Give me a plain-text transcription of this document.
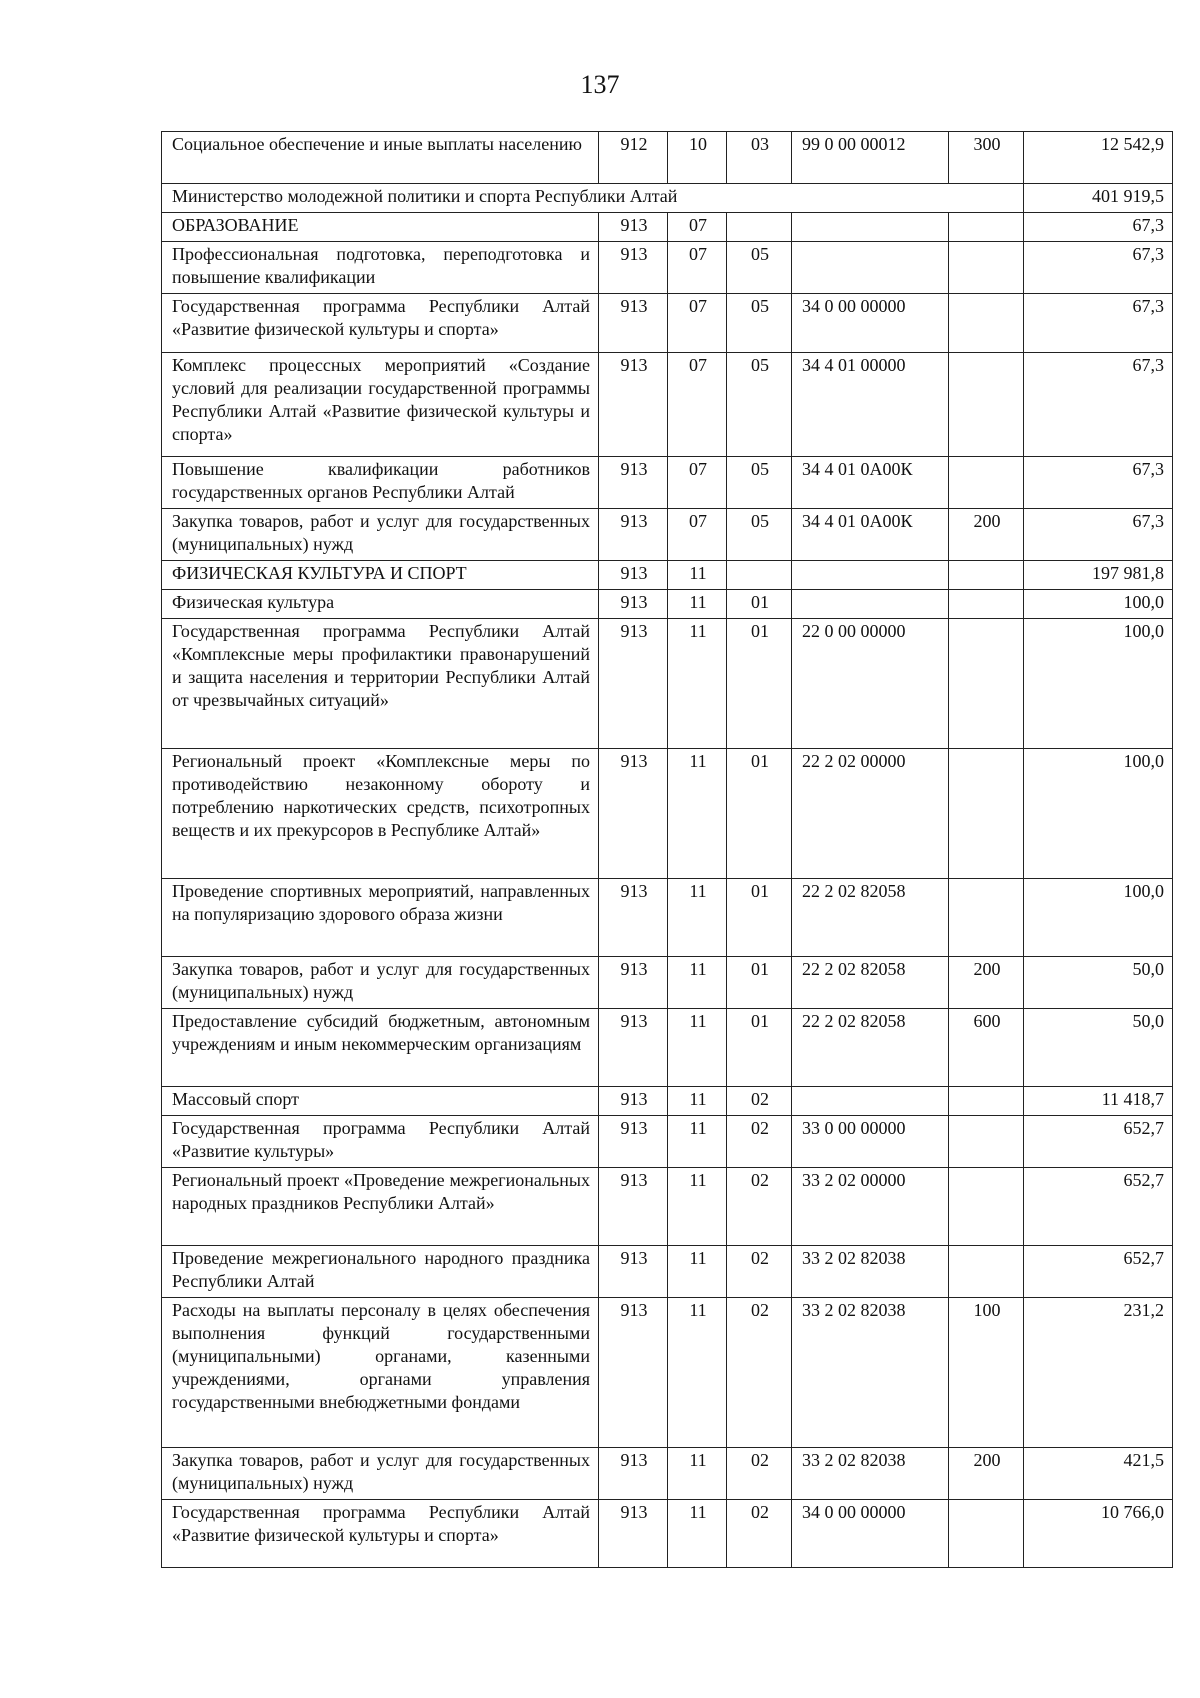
137
Социальное обеспечение и иные выплаты населению	912	10	03	99 0 00 00012	300	12 542,9
Министерство молодежной политики и спорта Республики Алтай						401 919,5
ОБРАЗОВАНИЕ	913	07				67,3
Профессиональная подготовка, переподготовка и повышение квалификации	913	07	05			67,3
Государственная программа Республики Алтай «Развитие физической культуры и спорта»	913	07	05	34 0 00 00000		67,3
Комплекс процессных мероприятий «Создание условий для реализации государственной программы Республики Алтай «Развитие физической культуры и спорта»	913	07	05	34 4 01 00000		67,3
Повышение квалификации работников государственных органов Республики Алтай	913	07	05	34 4 01 0А00К		67,3
Закупка товаров, работ и услуг для государственных (муниципальных) нужд	913	07	05	34 4 01 0А00К	200	67,3
ФИЗИЧЕСКАЯ КУЛЬТУРА И СПОРТ	913	11				197 981,8
Физическая культура	913	11	01			100,0
Государственная программа Республики Алтай «Комплексные меры профилактики правонарушений и защита населения и территории Республики Алтай от чрезвычайных ситуаций»	913	11	01	22 0 00 00000		100,0
Региональный проект «Комплексные меры по противодействию незаконному обороту и потреблению наркотических средств, психотропных веществ и их прекурсоров в Республике Алтай»	913	11	01	22 2 02 00000		100,0
Проведение спортивных мероприятий, направленных на популяризацию здорового образа жизни	913	11	01	22 2 02 82058		100,0
Закупка товаров, работ и услуг для государственных (муниципальных) нужд	913	11	01	22 2 02 82058	200	50,0
Предоставление субсидий бюджетным, автономным учреждениям и иным некоммерческим организациям	913	11	01	22 2 02 82058	600	50,0
Массовый спорт	913	11	02			11 418,7
Государственная программа Республики Алтай «Развитие культуры»	913	11	02	33 0 00 00000		652,7
Региональный проект «Проведение межрегиональных народных праздников Республики Алтай»	913	11	02	33 2 02 00000		652,7
Проведение межрегионального народного праздника Республики Алтай	913	11	02	33 2 02 82038		652,7
Расходы на выплаты персоналу в целях обеспечения выполнения функций государственными (муниципальными) органами, казенными учреждениями, органами управления государственными внебюджетными фондами	913	11	02	33 2 02 82038	100	231,2
Закупка товаров, работ и услуг для государственных (муниципальных) нужд	913	11	02	33 2 02 82038	200	421,5
Государственная программа Республики Алтай «Развитие физической культуры и спорта»	913	11	02	34 0 00 00000		10 766,0
